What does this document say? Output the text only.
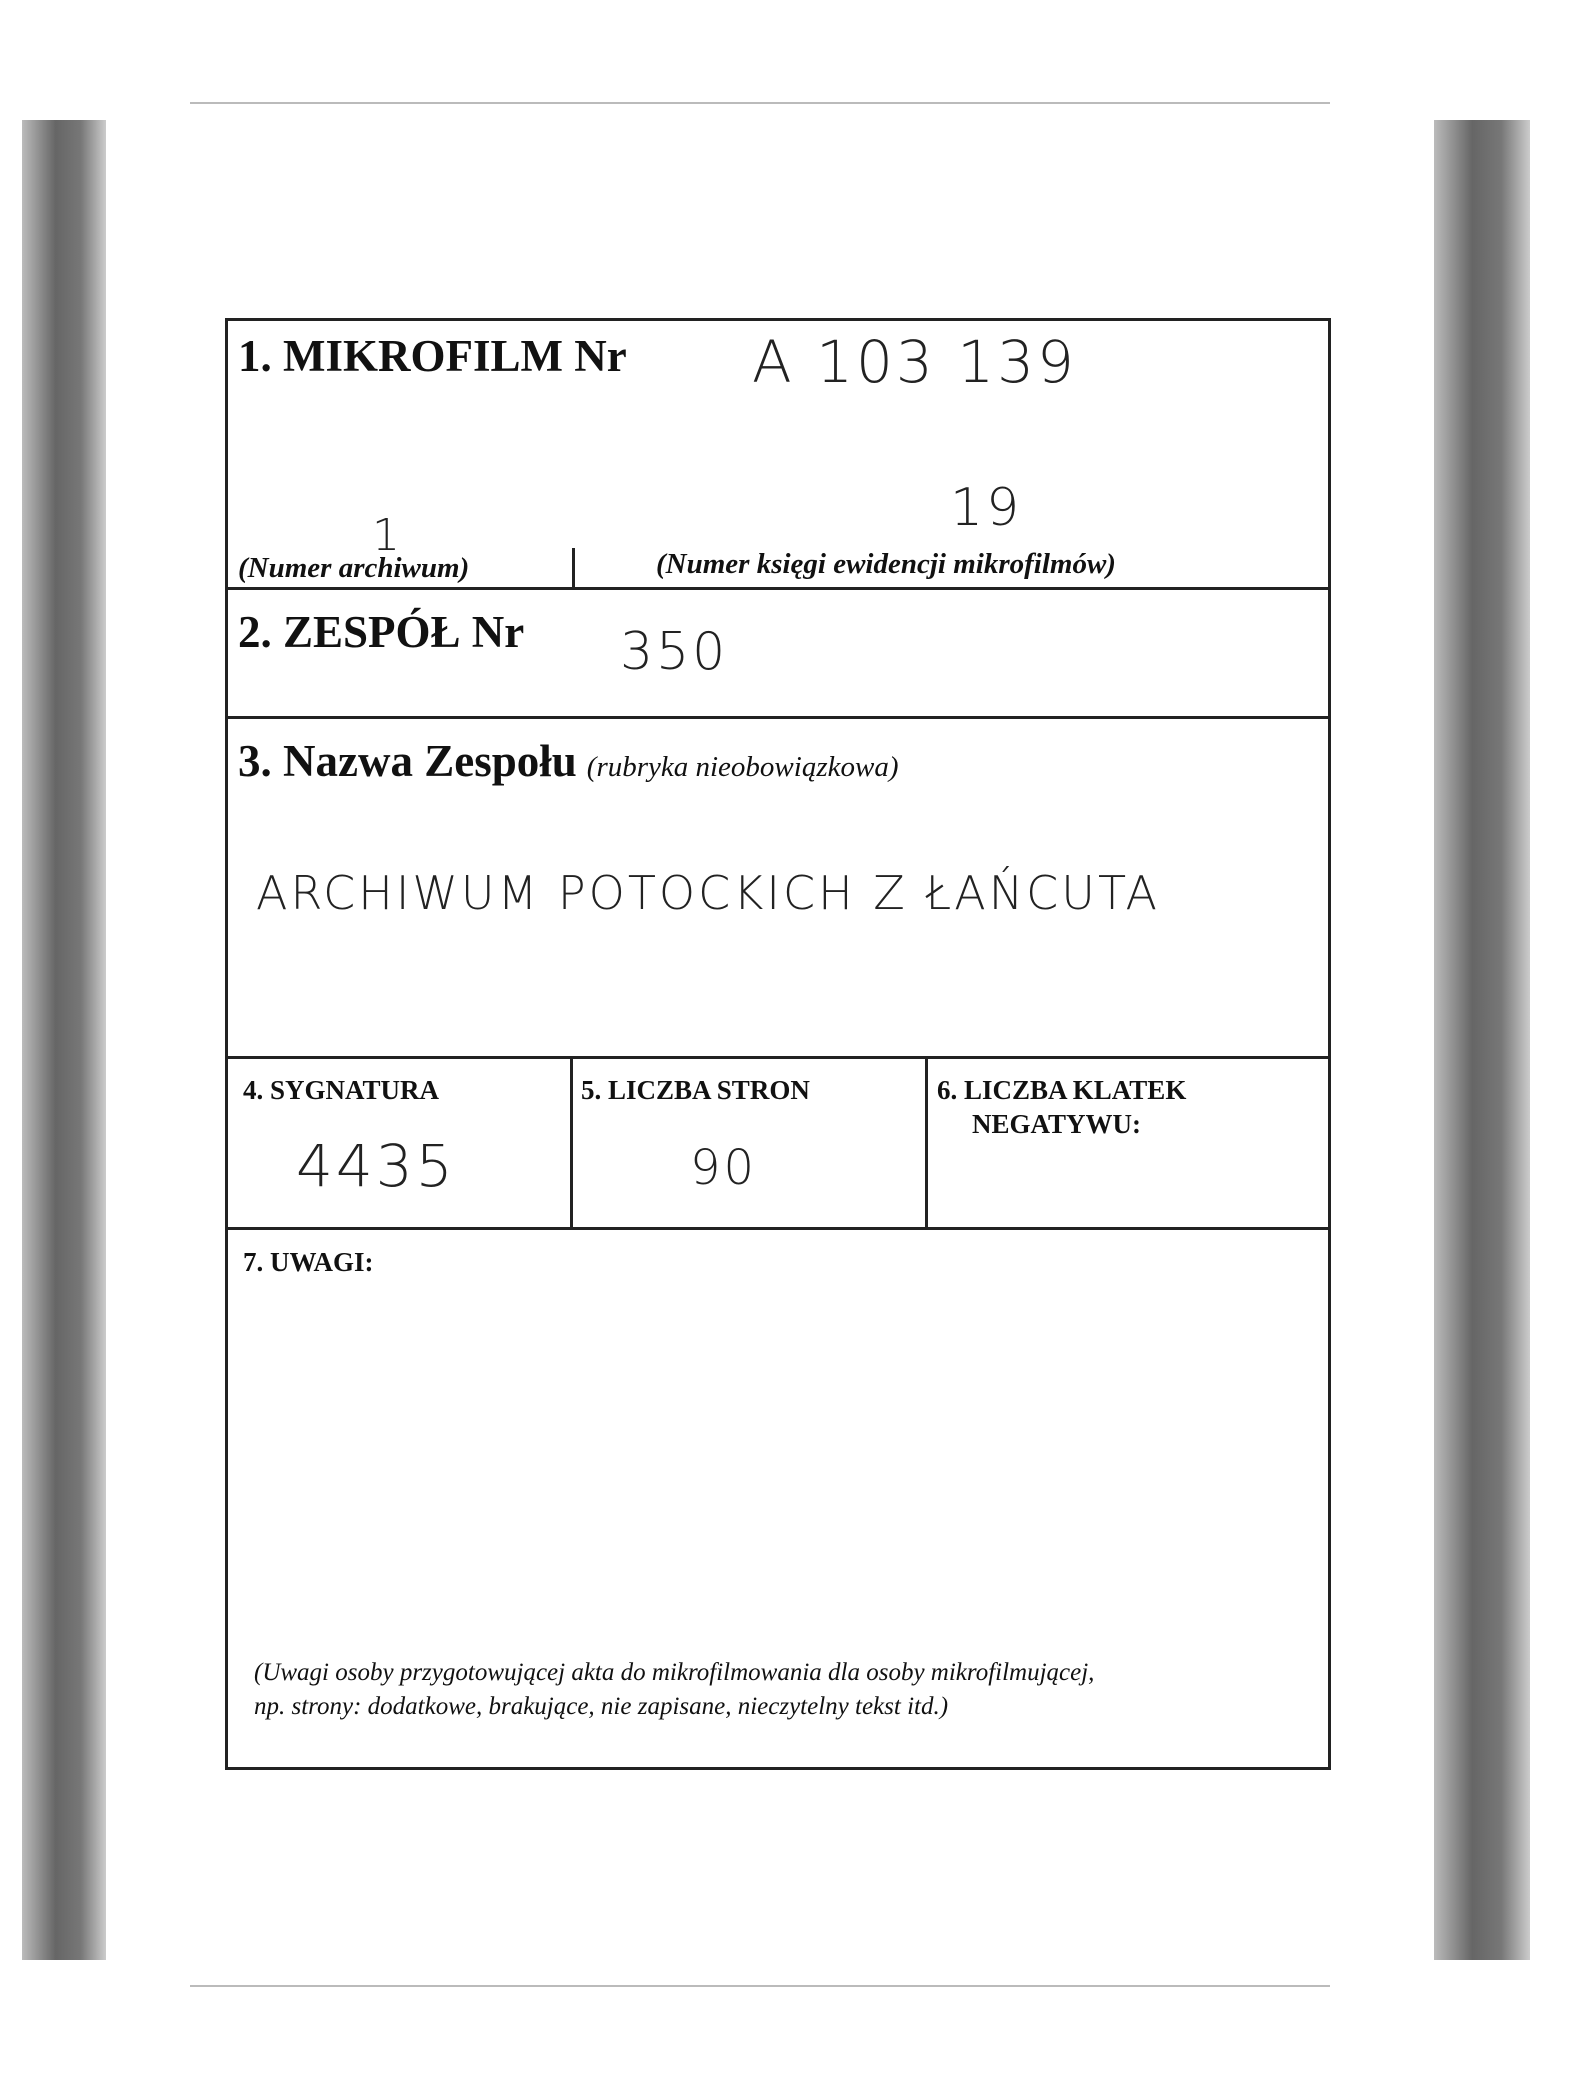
1. MIKROFILM Nr A 103 139
19
1
(Numer archiwum)	(Numer księgi ewidencji mikrofilmów)
2. ZESPÓŁ Nr 350
3. Nazwa Zespołu (rubryka nieobowiązkowa)
ARCHIWUM POTOCKICH Z ŁAŃCUTA
4. SYGNATURA
4435
5. LICZBA STRON
90
6. LICZBA KLATEK
NEGATYWU:
7. UWAGI:
(Uwagi osoby przygotowującej akta do mikrofilmowania dla osoby mikrofilmującej,
np. strony: dodatkowe, brakujące, nie zapisane, nieczytelny tekst itd.)
